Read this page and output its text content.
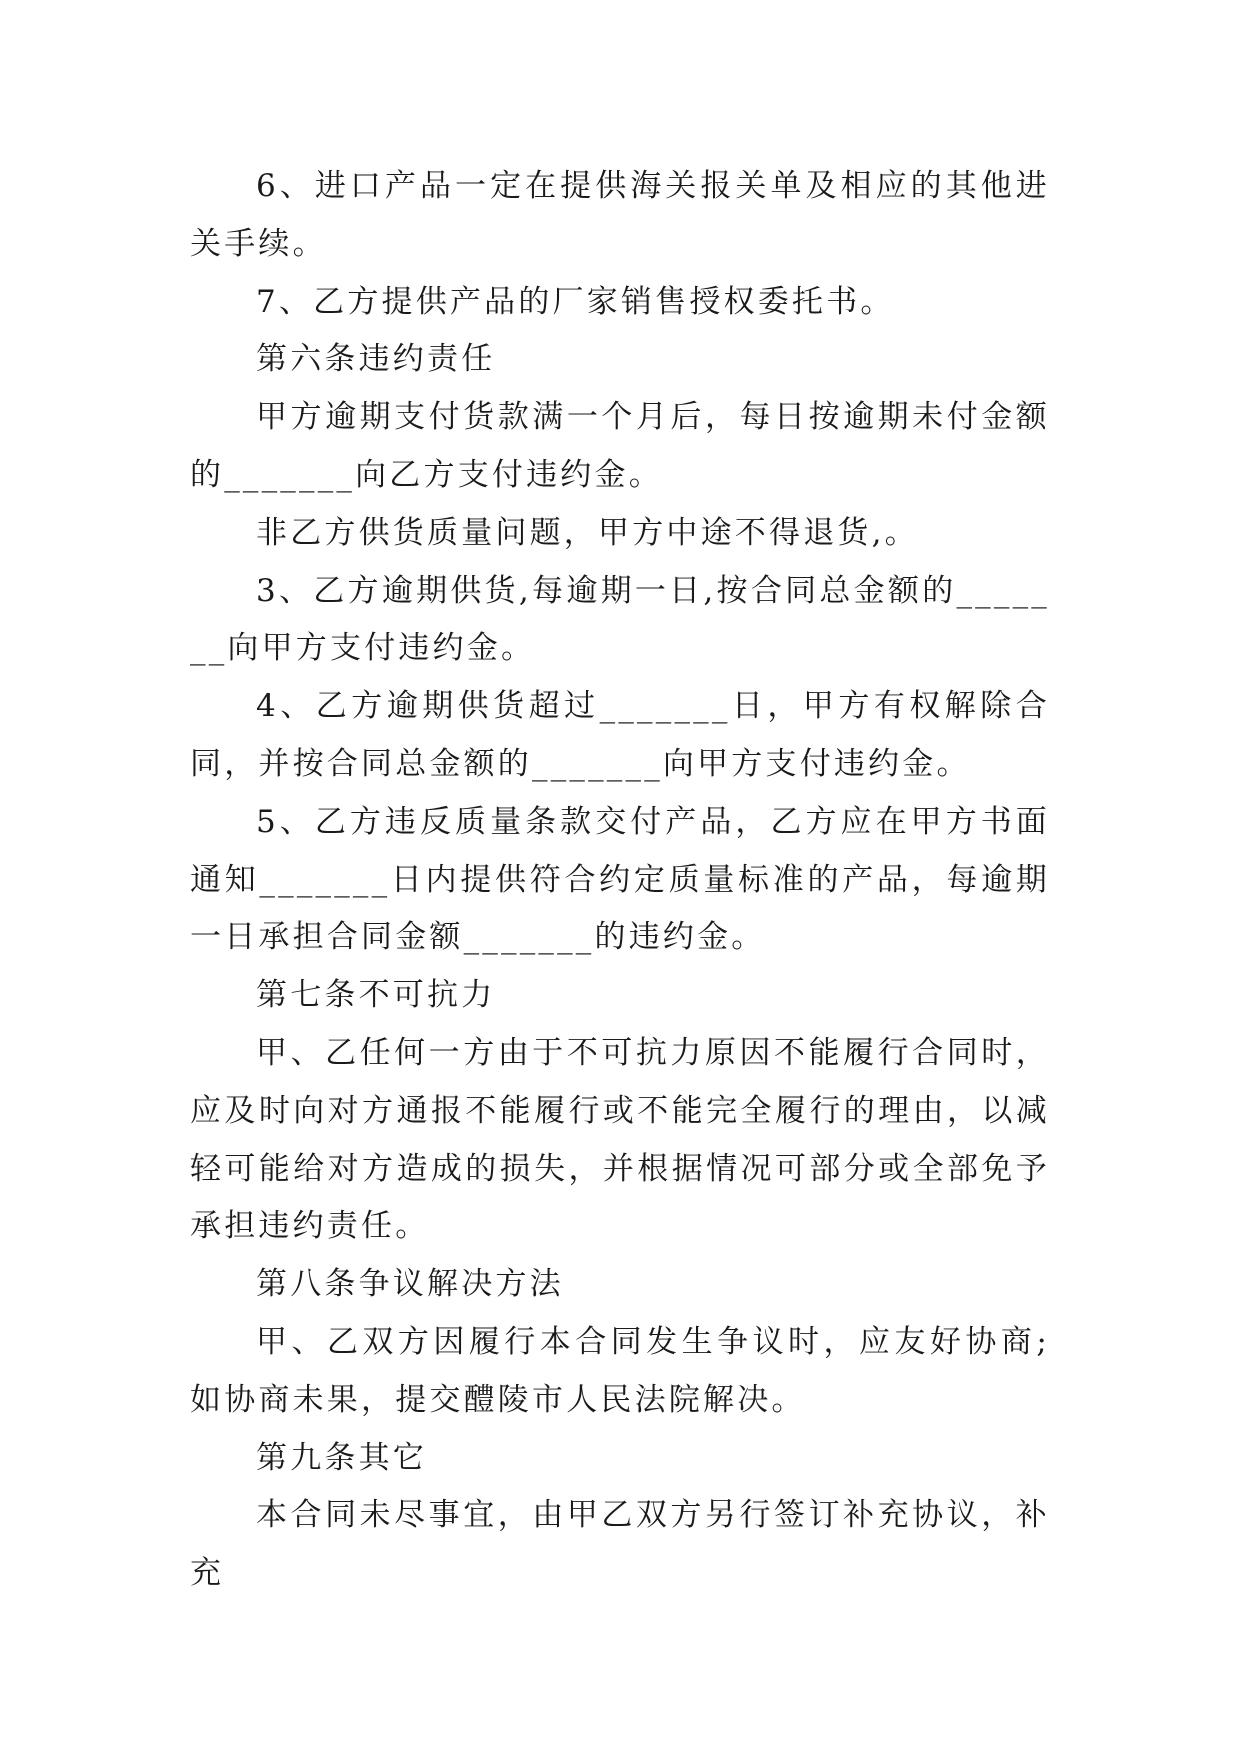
6、进口产品一定在提供海关报关单及相应的其他进关手续。

7、乙方提供产品的厂家销售授权委托书。

第六条违约责任

甲方逾期支付货款满一个月后，每日按逾期未付金额的_______向乙方支付违约金。

非乙方供货质量问题，甲方中途不得退货,。

3、乙方逾期供货,每逾期一日,按合同总金额的_______向甲方支付违约金。

4、乙方逾期供货超过_______日，甲方有权解除合同，并按合同总金额的_______向甲方支付违约金。

5、乙方违反质量条款交付产品，乙方应在甲方书面通知_______日内提供符合约定质量标准的产品，每逾期一日承担合同金额_______的违约金。

第七条不可抗力

甲、乙任何一方由于不可抗力原因不能履行合同时，应及时向对方通报不能履行或不能完全履行的理由，以减轻可能给对方造成的损失，并根据情况可部分或全部免予承担违约责任。

第八条争议解决方法

甲、乙双方因履行本合同发生争议时，应友好协商;如协商未果，提交醴陵市人民法院解决。

第九条其它

本合同未尽事宜，由甲乙双方另行签订补充协议，补充
